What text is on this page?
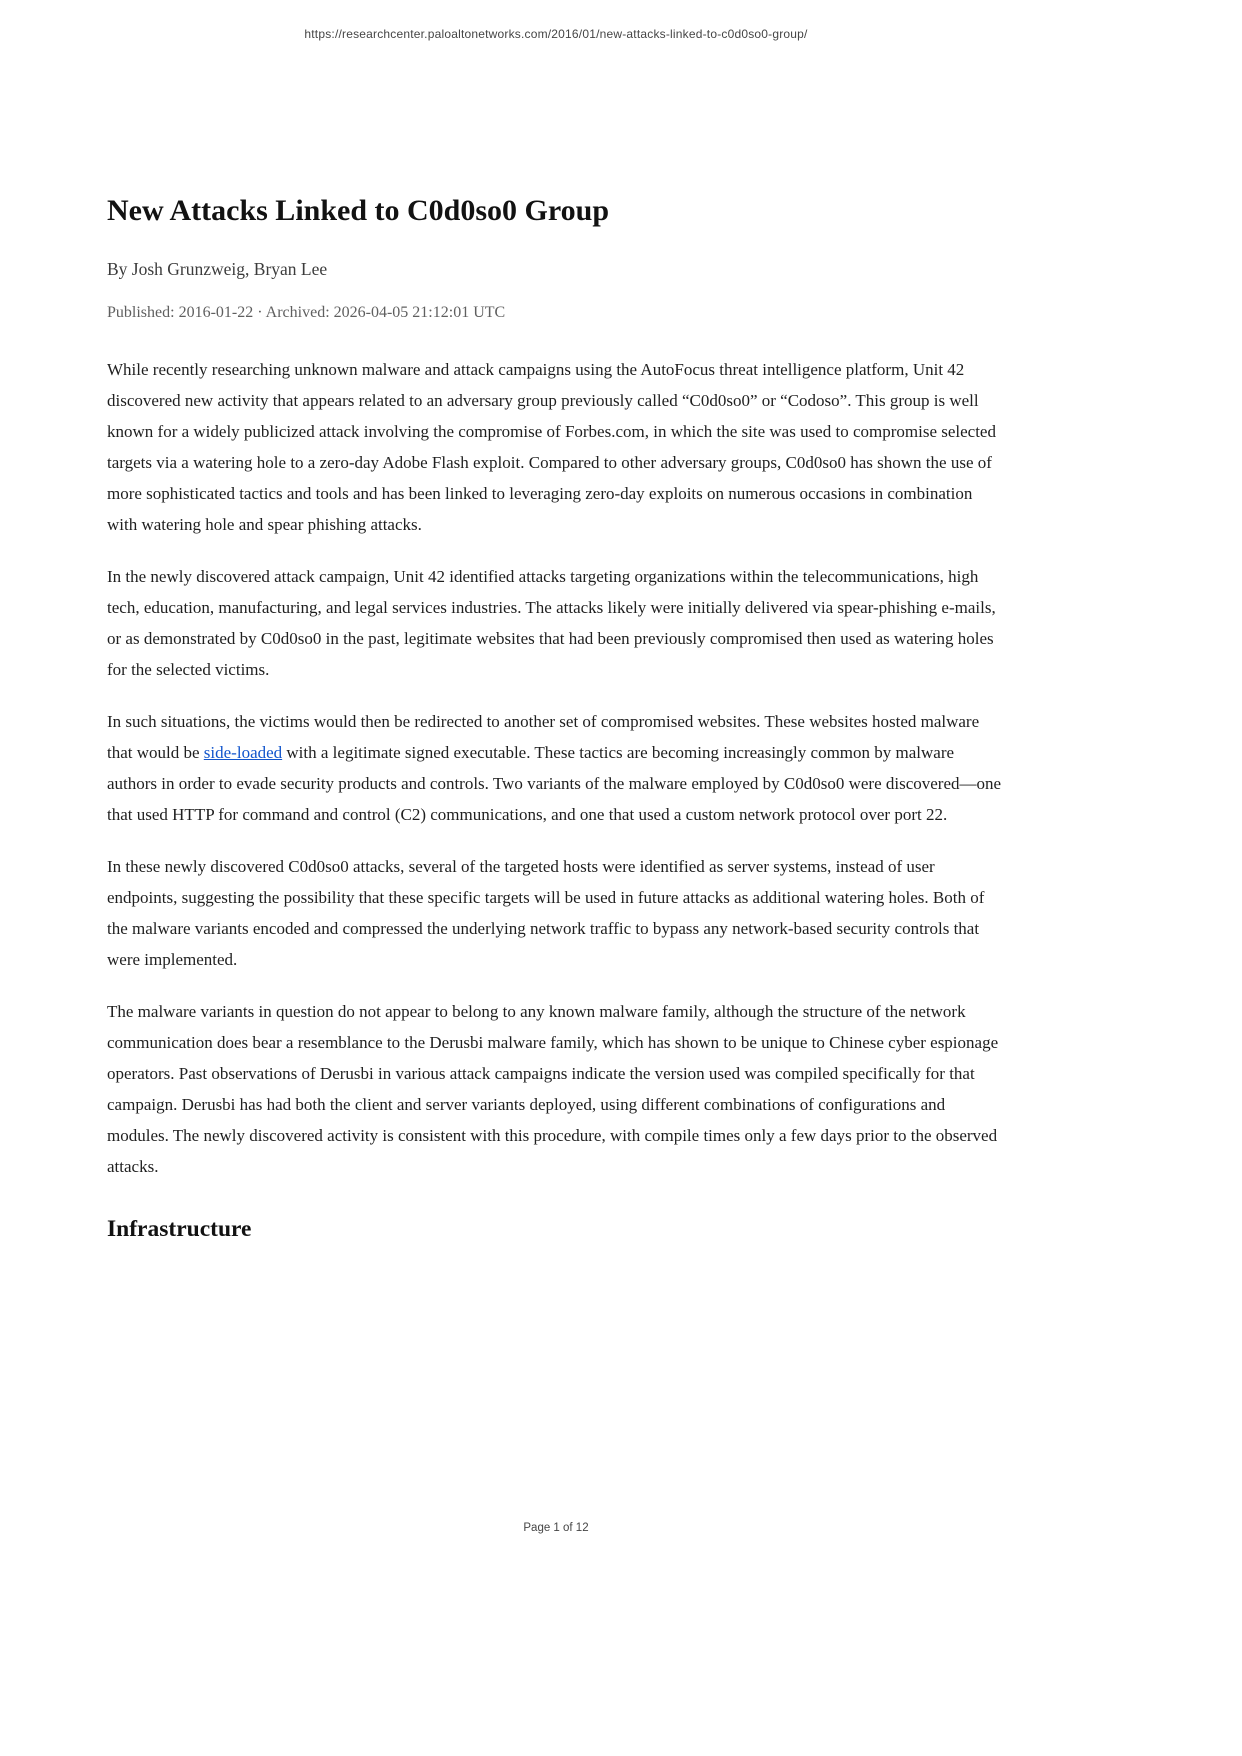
https://researchcenter.paloaltonetworks.com/2016/01/new-attacks-linked-to-c0d0so0-group/
New Attacks Linked to C0d0so0 Group
By Josh Grunzweig, Bryan Lee
Published: 2016-01-22 · Archived: 2026-04-05 21:12:01 UTC

While recently researching unknown malware and attack campaigns using the AutoFocus threat intelligence platform, Unit 42 discovered new activity that appears related to an adversary group previously called “C0d0so0” or “Codoso”. This group is well known for a widely publicized attack involving the compromise of Forbes.com, in which the site was used to compromise selected targets via a watering hole to a zero-day Adobe Flash exploit. Compared to other adversary groups, C0d0so0 has shown the use of more sophisticated tactics and tools and has been linked to leveraging zero-day exploits on numerous occasions in combination with watering hole and spear phishing attacks.

In the newly discovered attack campaign, Unit 42 identified attacks targeting organizations within the telecommunications, high tech, education, manufacturing, and legal services industries. The attacks likely were initially delivered via spear-phishing e-mails, or as demonstrated by C0d0so0 in the past, legitimate websites that had been previously compromised then used as watering holes for the selected victims.

In such situations, the victims would then be redirected to another set of compromised websites. These websites hosted malware that would be side-loaded with a legitimate signed executable. These tactics are becoming increasingly common by malware authors in order to evade security products and controls. Two variants of the malware employed by C0d0so0 were discovered—one that used HTTP for command and control (C2) communications, and one that used a custom network protocol over port 22.

In these newly discovered C0d0so0 attacks, several of the targeted hosts were identified as server systems, instead of user endpoints, suggesting the possibility that these specific targets will be used in future attacks as additional watering holes. Both of the malware variants encoded and compressed the underlying network traffic to bypass any network-based security controls that were implemented.

The malware variants in question do not appear to belong to any known malware family, although the structure of the network communication does bear a resemblance to the Derusbi malware family, which has shown to be unique to Chinese cyber espionage operators. Past observations of Derusbi in various attack campaigns indicate the version used was compiled specifically for that campaign. Derusbi has had both the client and server variants deployed, using different combinations of configurations and modules. The newly discovered activity is consistent with this procedure, with compile times only a few days prior to the observed attacks.

Infrastructure
Page 1 of 12
